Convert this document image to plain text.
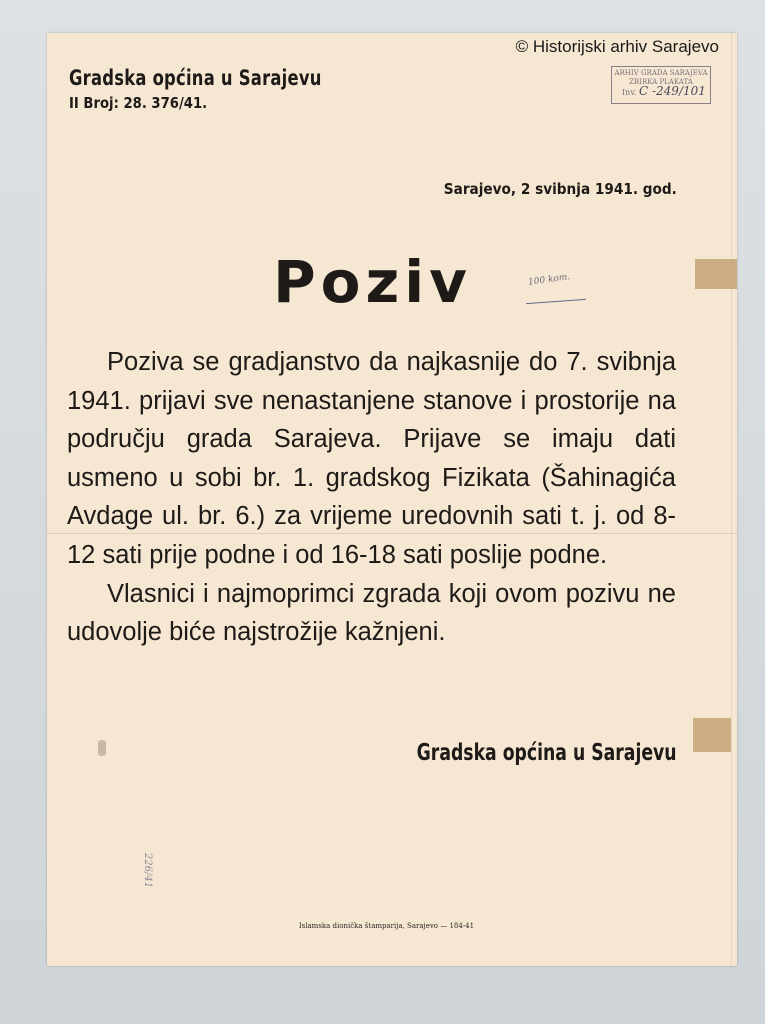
© Historijski arhiv Sarajevo
ARHIV GRADA SARAJEVA
ZBIRKA PLAKATA
Inv. C -249/101
Gradska općina u Sarajevu
II Broj: 28. 376/41.
Sarajevo, 2 svibnja 1941. god.
Poziv	100 kom.

Poziva se gradjanstvo da najkasnije do 7. svibnja 1941. prijavi sve nenastanjene stanove i prostorije na području grada Sarajeva. Prijave se imaju dati usmeno u sobi br. 1. gradskog Fizikata (Šahinagića Avdage ul. br. 6.) za vrijeme uredovnih sati t. j. od 8-12 sati prije podne i od 16-18 sati poslije podne.

Vlasnici i najmoprimci zgrada koji ovom pozivu ne udovolje biće najstrožije kažnjeni.

Gradska općina u Sarajevu
226/41
Islamska dionička štamparija, Sarajevo — 184-41
